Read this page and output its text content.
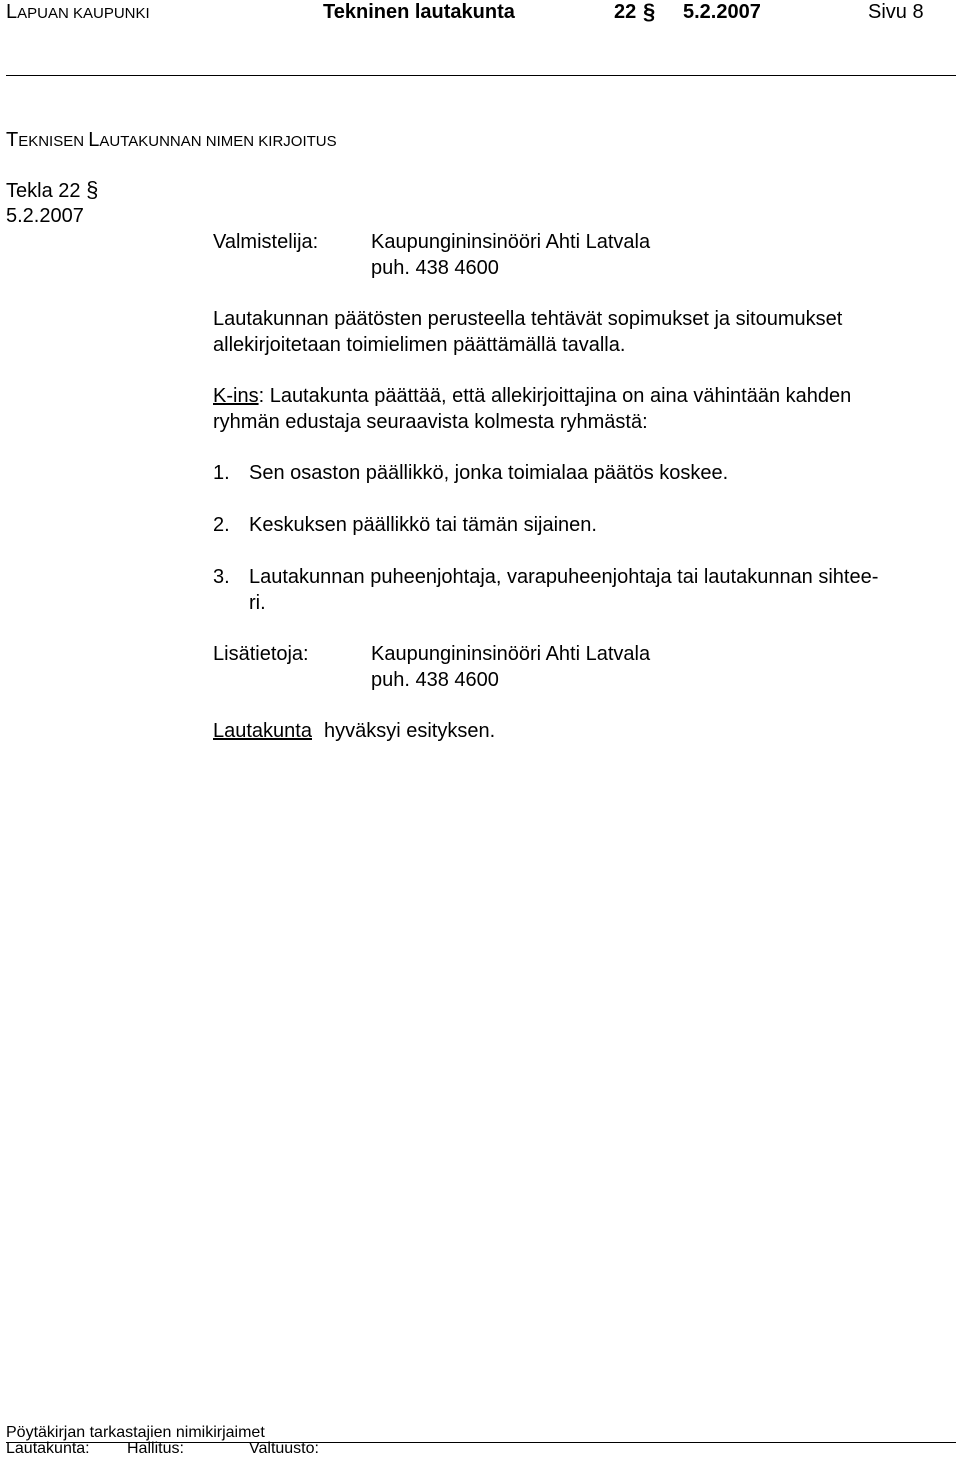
LAPUAN KAUPUNKI	Tekninen lautakunta	22 § 5.2.2007	Sivu 8
TEKNISEN LAUTAKUNNAN NIMEN KIRJOITUS
Tekla 22 §
5.2.2007
Valmistelija:	Kaupungininsinööri Ahti Latvala
puh. 438 4600
Lautakunnan päätösten perusteella tehtävät sopimukset ja sitoumukset
allekirjoitetaan toimielimen päättämällä tavalla.
K-ins: Lautakunta päättää, että allekirjoittajina on aina vähintään kahden
ryhmän edustaja seuraavista kolmesta ryhmästä:
1. Sen osaston päällikkö, jonka toimialaa päätös koskee.
2. Keskuksen päällikkö tai tämän sijainen.
3. Lautakunnan puheenjohtaja, varapuheenjohtaja tai lautakunnan sihtee-
ri.
Lisätietoja:	Kaupungininsinööri Ahti Latvala
puh. 438 4600
Lautakunta hyväksyi esityksen.
Pöytäkirjan tarkastajien nimikirjaimet
Lautakunta: Hallitus:	Valtuusto:
